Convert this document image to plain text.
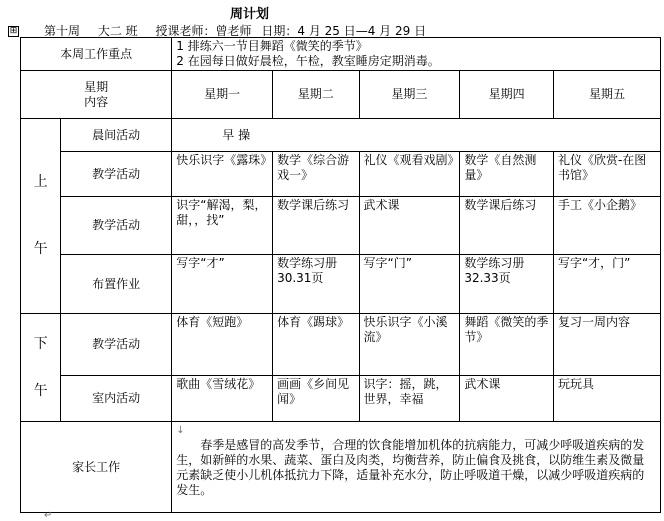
周计划
⊞ 第十周 大二 班 授课老师：曾老师 日期：4 月 25 日—4 月 29 日
本周工作重点		1 排练六一节目舞蹈《微笑的季节》
2 在园每日做好晨检，午检，教室睡房定期消毒。				

星期
内容		星期一	星期二	星期三	星期四	星期五

上
午	晨间活动	早 操				
	教学活动	快乐识字《露珠》	数学《综合游戏一》	礼仪《观看戏剧》	数学《自然测量》	礼仪《欣赏-在图书馆》
	教学活动	识字“解渴，梨，甜，，找”	数学课后练习	武术课	数学课后练习	手工《小企鹅》
	布置作业	写字“才”	数学练习册30.31页	写字“门”	数学练习册32.33页	写字“才，门”

下
午	教学活动	体育《短跑》	体育《踢球》	快乐识字《小溪流》	舞蹈《微笑的季节》	复习一周内容
	室内活动	歌曲《雪绒花》	画画《乡间见闻》	识字：摇，跳，世界，幸福	武术课	玩玩具
家长工作		↓
春季是感冒的高发季节，合理的饮食能增加机体的抗病能力，可减少呼吸道疾病的发生，如新鲜的水果、蔬菜、蛋白及肉类，均衡营养，防止偏食及挑食，以防维生素及微量元素缺乏使小儿机体抵抗力下降，适量补充水分，防止呼吸道干燥，以减少呼吸道疾病的发生。				
↵
